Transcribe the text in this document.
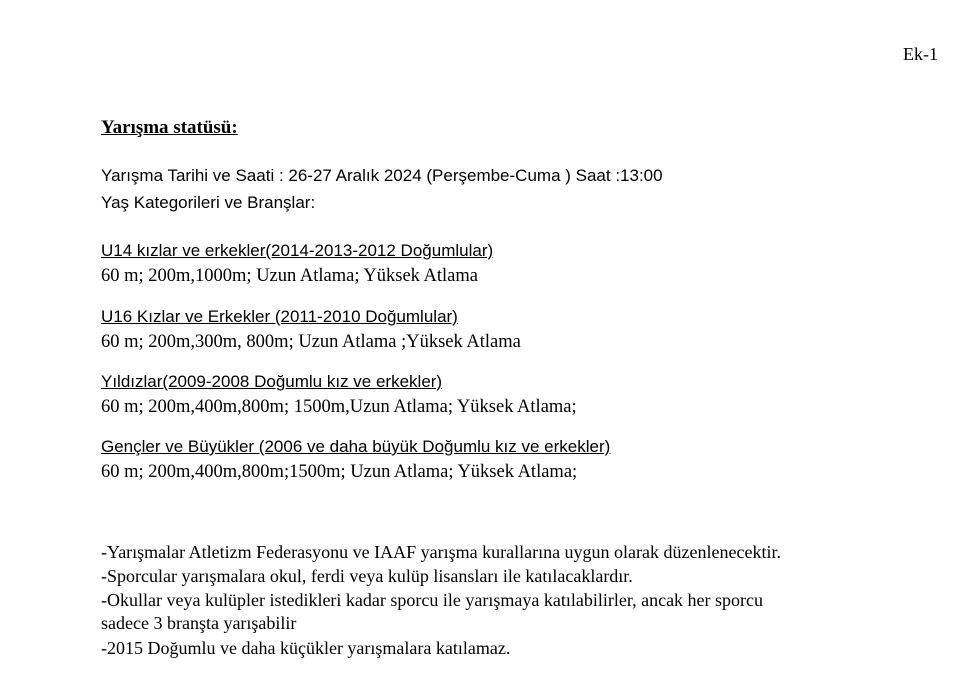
Ek-1
Yarışma statüsü:
Yarışma Tarihi ve Saati : 26-27 Aralık 2024 (Perşembe-Cuma ) Saat :13:00
Yaş Kategorileri ve Branşlar:
U14 kızlar ve erkekler(2014-2013-2012 Doğumlular)
60 m; 200m,1000m; Uzun Atlama; Yüksek Atlama
U16 Kızlar ve Erkekler (2011-2010 Doğumlular)
60 m; 200m,300m, 800m; Uzun Atlama ;Yüksek Atlama
Yıldızlar(2009-2008 Doğumlu kız ve erkekler)
60 m; 200m,400m,800m; 1500m,Uzun Atlama; Yüksek Atlama;
Gençler ve Büyükler (2006 ve daha büyük Doğumlu kız ve erkekler)
60 m; 200m,400m,800m;1500m; Uzun Atlama; Yüksek Atlama;
-Yarışmalar Atletizm Federasyonu ve IAAF yarışma kurallarına uygun olarak düzenlenecektir.
-Sporcular yarışmalara okul, ferdi veya kulüp lisansları ile katılacaklardır.
-Okullar veya kulüpler istedikleri kadar sporcu ile yarışmaya katılabilirler, ancak her sporcu
sadece 3 branşta yarışabilir
-2015 Doğumlu ve daha küçükler yarışmalara katılamaz.
